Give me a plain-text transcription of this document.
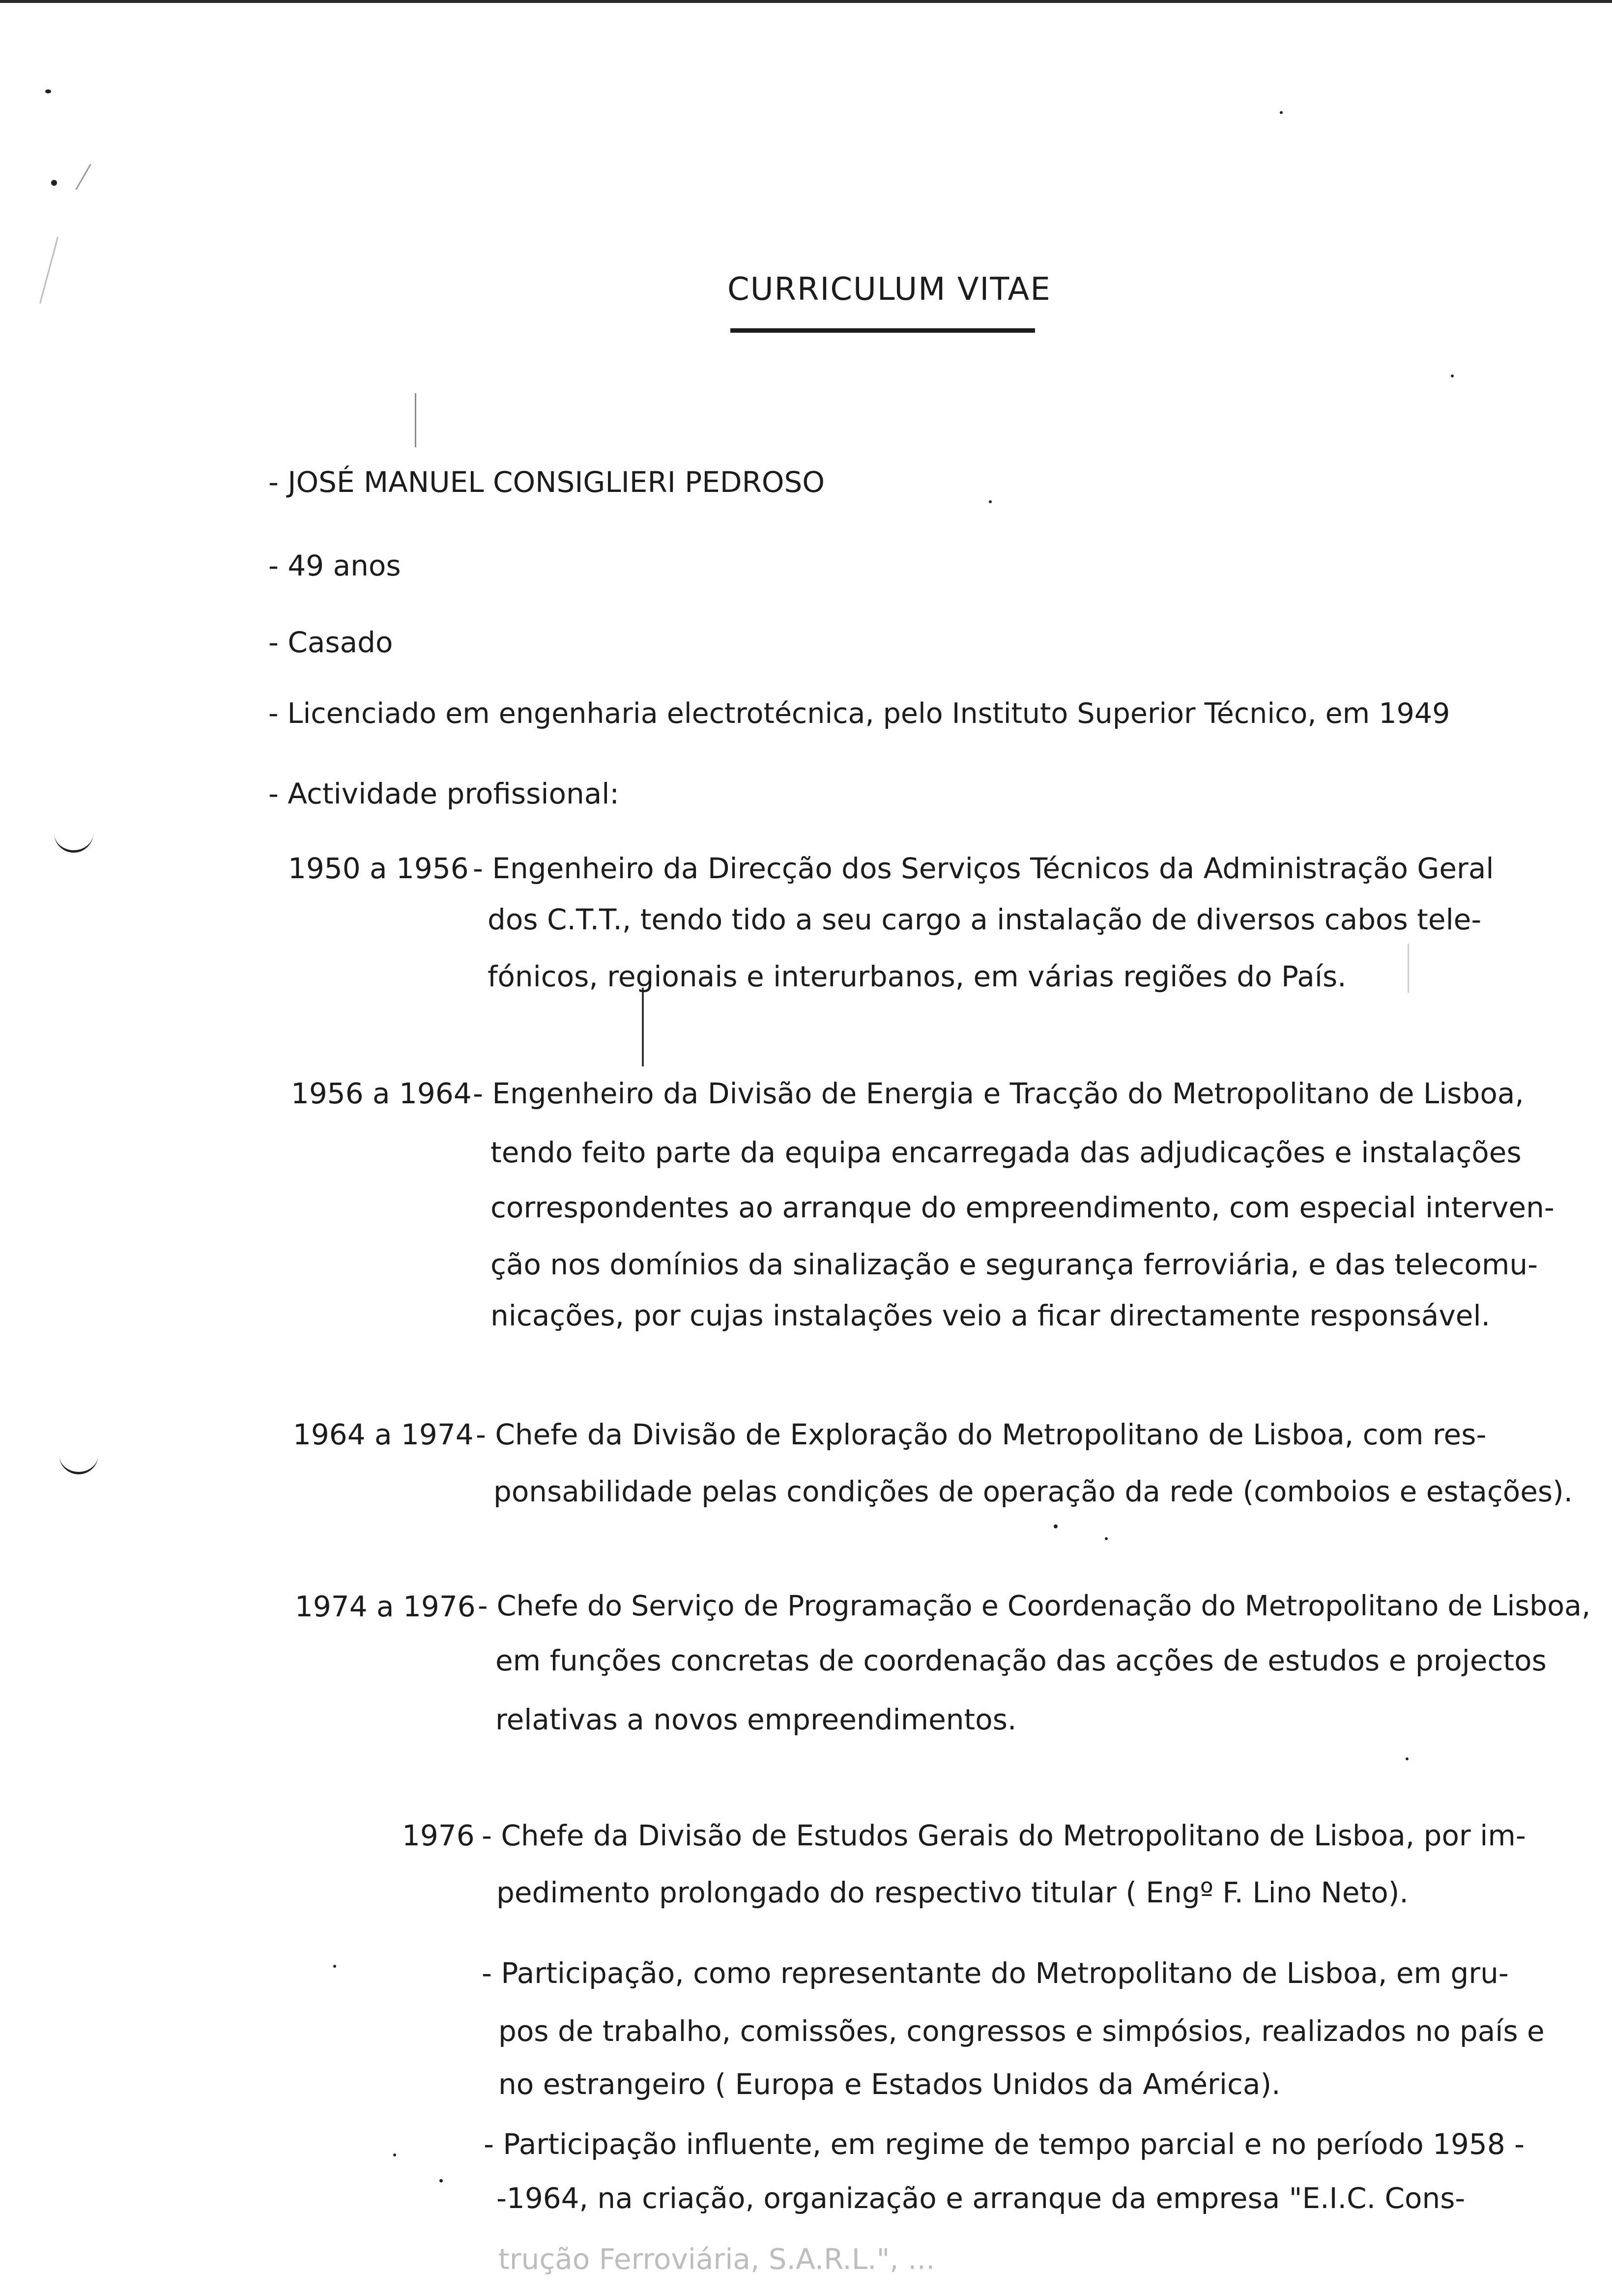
CURRICULUM VITAE
- JOSÉ MANUEL CONSIGLIERI PEDROSO
- 49 anos
- Casado
- Licenciado em engenharia electrotécnica, pelo Instituto Superior Técnico, em 1949
- Actividade profissional:
1950 a 1956 - Engenheiro da Direcção dos Serviços Técnicos da Administração Geral
dos C.T.T., tendo tido a seu cargo a instalação de diversos cabos tele-
fónicos, regionais e interurbanos, em várias regiões do País.
1956 a 1964 - Engenheiro da Divisão de Energia e Tracção do Metropolitano de Lisboa,
tendo feito parte da equipa encarregada das adjudicações e instalações
correspondentes ao arranque do empreendimento, com especial interven-
ção nos domínios da sinalização e segurança ferroviária, e das telecomu-
nicações, por cujas instalações veio a ficar directamente responsável.
1964 a 1974 - Chefe da Divisão de Exploração do Metropolitano de Lisboa, com res-
ponsabilidade pelas condições de operação da rede (comboios e estações).
1974 a 1976 - Chefe do Serviço de Programação e Coordenação do Metropolitano de Lisboa,
em funções concretas de coordenação das acções de estudos e projectos
relativas a novos empreendimentos.
1976 - Chefe da Divisão de Estudos Gerais do Metropolitano de Lisboa, por im-
pedimento prolongado do respectivo titular ( Engº F. Lino Neto).
- Participação, como representante do Metropolitano de Lisboa, em gru-
pos de trabalho, comissões, congressos e simpósios, realizados no país e
no estrangeiro ( Europa e Estados Unidos da América).
- Participação influente, em regime de tempo parcial e no período 1958 -
-1964, na criação, organização e arranque da empresa "E.I.C. Cons-
trução Ferroviária, S.A.R.L.", ...
